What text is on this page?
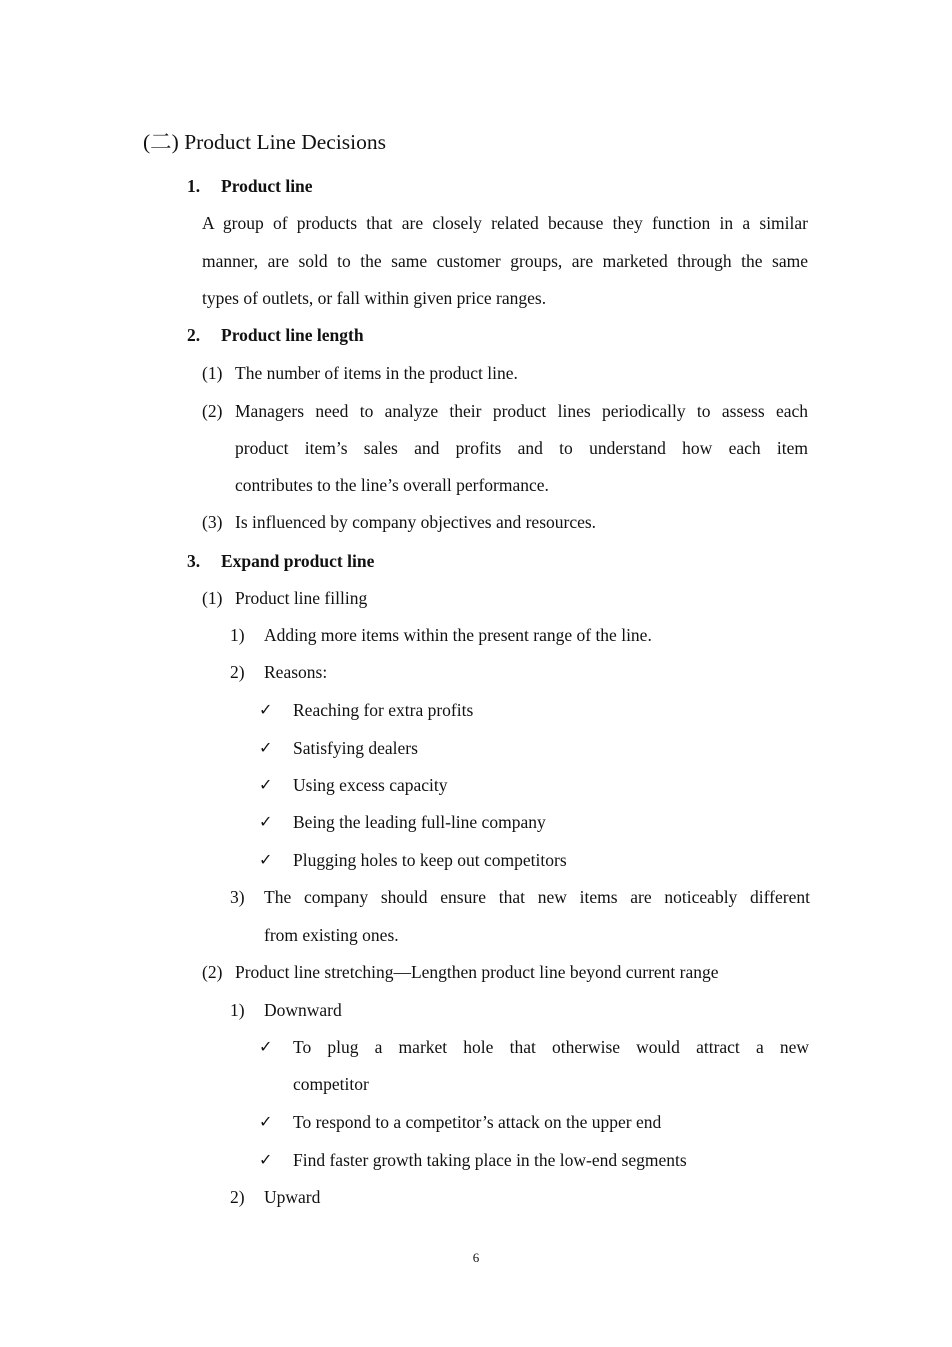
(二) Product Line Decisions
1. Product line
A group of products that are closely related because they function in a similar
manner, are sold to the same customer groups, are marketed through the same
types of outlets, or fall within given price ranges.
2. Product line length
(1) The number of items in the product line.
(2) Managers need to analyze their product lines periodically to assess each
product item’s sales and profits and to understand how each item
contributes to the line’s overall performance.
(3) Is influenced by company objectives and resources.
3. Expand product line
(1) Product line filling
1) Adding more items within the present range of the line.
2) Reasons:
✓ Reaching for extra profits
✓ Satisfying dealers
✓ Using excess capacity
✓ Being the leading full-line company
✓ Plugging holes to keep out competitors
3) The company should ensure that new items are noticeably different
from existing ones.
(2) Product line stretching—Lengthen product line beyond current range
1) Downward
✓ To plug a market hole that otherwise would attract a new
competitor
✓ To respond to a competitor’s attack on the upper end
✓ Find faster growth taking place in the low-end segments
2) Upward
6
